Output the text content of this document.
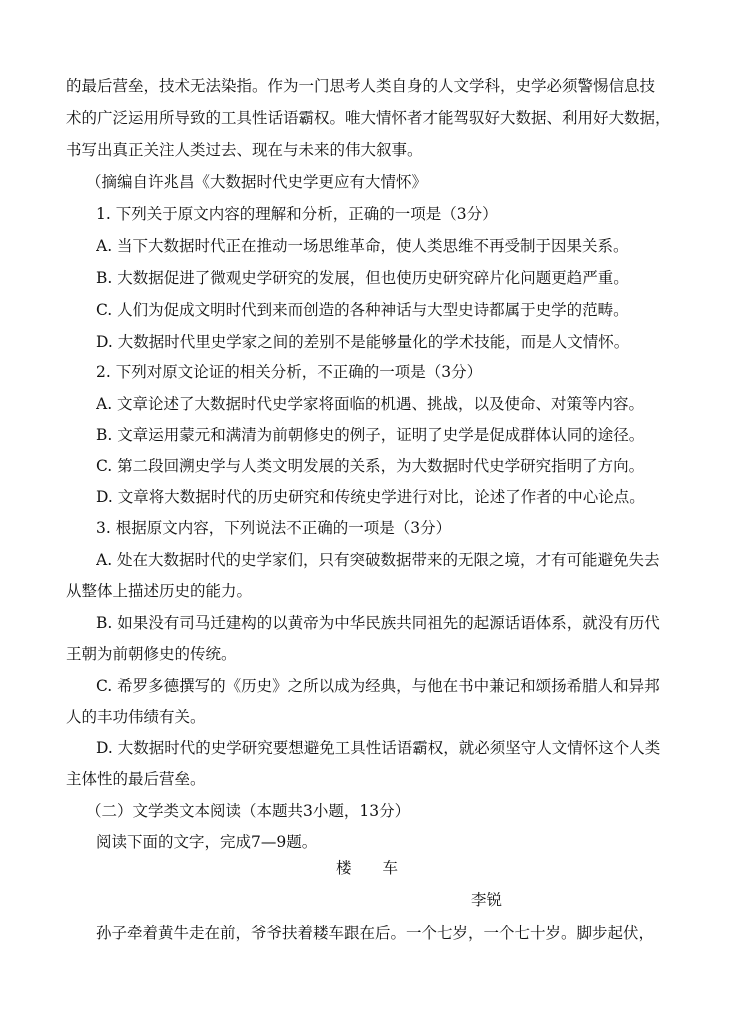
的最后营垒，技术无法染指。作为一门思考人类自身的人文学科，史学必须警惕信息技
术的广泛运用所导致的工具性话语霸权。唯大情怀者才能驾驭好大数据、利用好大数据，
书写出真正关注人类过去、现在与未来的伟大叙事。
（摘编自许兆昌《大数据时代史学更应有大情怀》
1. 下列关于原文内容的理解和分析，正确的一项是（3分）
A. 当下大数据时代正在推动一场思维革命，使人类思维不再受制于因果关系。
B. 大数据促进了微观史学研究的发展，但也使历史研究碎片化问题更趋严重。
C. 人们为促成文明时代到来而创造的各种神话与大型史诗都属于史学的范畴。
D. 大数据时代里史学家之间的差别不是能够量化的学术技能，而是人文情怀。
2. 下列对原文论证的相关分析，不正确的一项是（3分）
A. 文章论述了大数据时代史学家将面临的机遇、挑战，以及使命、对策等内容。
B. 文章运用蒙元和满清为前朝修史的例子，证明了史学是促成群体认同的途径。
C. 第二段回溯史学与人类文明发展的关系，为大数据时代史学研究指明了方向。
D. 文章将大数据时代的历史研究和传统史学进行对比，论述了作者的中心论点。
3. 根据原文内容，下列说法不正确的一项是（3分）
A. 处在大数据时代的史学家们，只有突破数据带来的无限之境，才有可能避免失去
从整体上描述历史的能力。
B. 如果没有司马迁建构的以黄帝为中华民族共同祖先的起源话语体系，就没有历代
王朝为前朝修史的传统。
C. 希罗多德撰写的《历史》之所以成为经典，与他在书中兼记和颂扬希腊人和异邦
人的丰功伟绩有关。
D. 大数据时代的史学研究要想避免工具性话语霸权，就必须坚守人文情怀这个人类
主体性的最后营垒。
（二）文学类文本阅读（本题共3小题，13分）
阅读下面的文字，完成7—9题。
楼　　车
李锐
孙子牵着黄牛走在前，爷爷扶着耧车跟在后。一个七岁，一个七十岁。脚步起伏，
